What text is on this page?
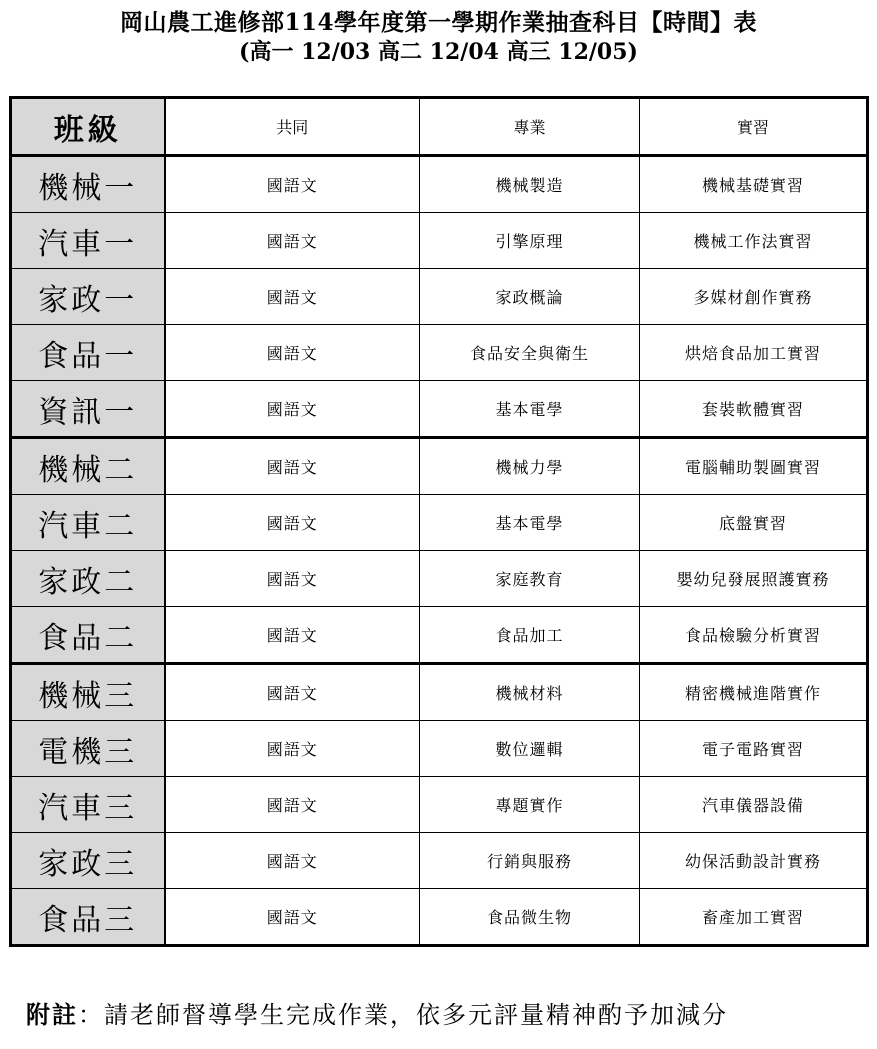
岡山農工進修部114學年度第一學期作業抽查科目【時間】表
(高一 12/03 高二 12/04 高三 12/05)
班級	共同	專業	實習
機械一	國語文	機械製造	機械基礎實習
汽車一	國語文	引擎原理	機械工作法實習
家政一	國語文	家政概論	多媒材創作實務
食品一	國語文	食品安全與衛生	烘焙食品加工實習
資訊一	國語文	基本電學	套裝軟體實習
機械二	國語文	機械力學	電腦輔助製圖實習
汽車二	國語文	基本電學	底盤實習
家政二	國語文	家庭教育	嬰幼兒發展照護實務
食品二	國語文	食品加工	食品檢驗分析實習
機械三	國語文	機械材料	精密機械進階實作
電機三	國語文	數位邏輯	電子電路實習
汽車三	國語文	專題實作	汽車儀器設備
家政三	國語文	行銷與服務	幼保活動設計實務
食品三	國語文	食品微生物	畜產加工實習
附註：請老師督導學生完成作業，依多元評量精神酌予加減分
